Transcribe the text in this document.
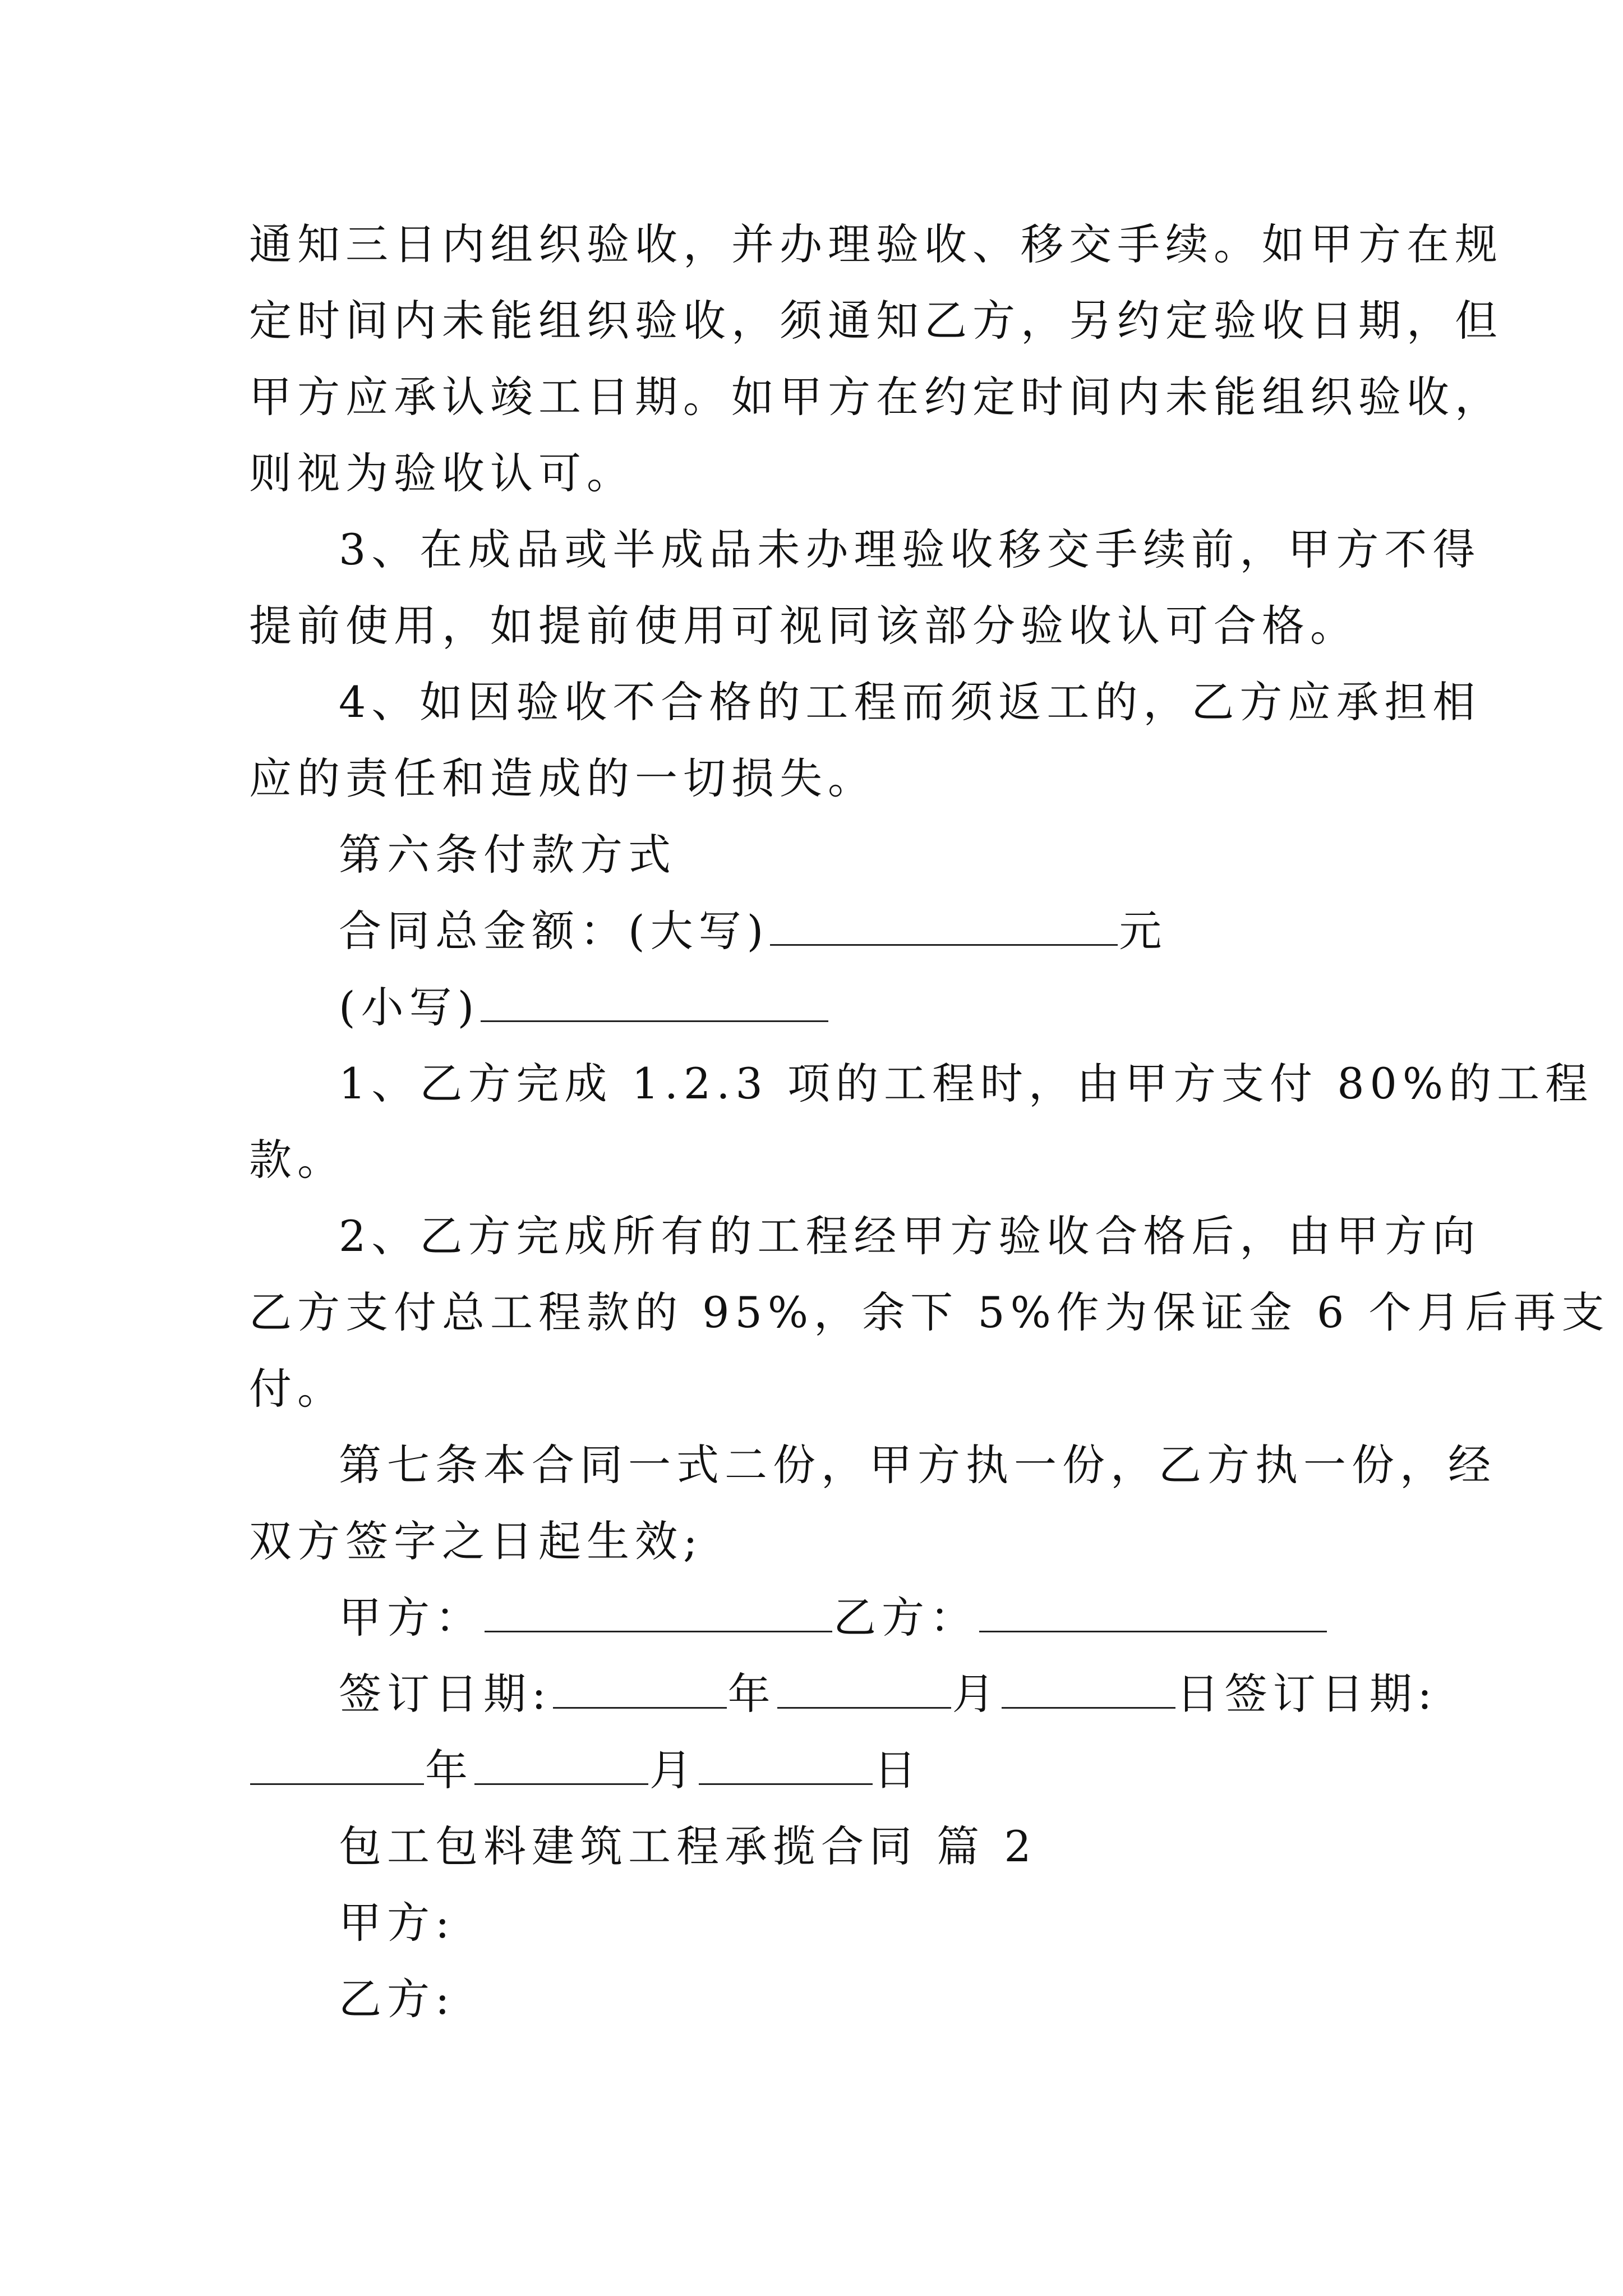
通知三日内组织验收，并办理验收、移交手续。如甲方在规
定时间内未能组织验收，须通知乙方，另约定验收日期，但
甲方应承认竣工日期。如甲方在约定时间内未能组织验收，
则视为验收认可。
3、在成品或半成品未办理验收移交手续前，甲方不得
提前使用，如提前使用可视同该部分验收认可合格。
4、如因验收不合格的工程而须返工的，乙方应承担相
应的责任和造成的一切损失。
第六条付款方式
合同总金额：(大写)	元
(小写)
1、乙方完成 1.2.3 项的工程时，由甲方支付 80%的工程
款。
2、乙方完成所有的工程经甲方验收合格后，由甲方向
乙方支付总工程款的 95%，余下 5%作为保证金 6 个月后再支
付。
第七条本合同一式二份，甲方执一份，乙方执一份，经
双方签字之日起生效;
甲方：	乙方：
签订日期:	年	月	日签订日期:
年	月	日
包工包料建筑工程承揽合同 篇 2
甲方:
乙方:
